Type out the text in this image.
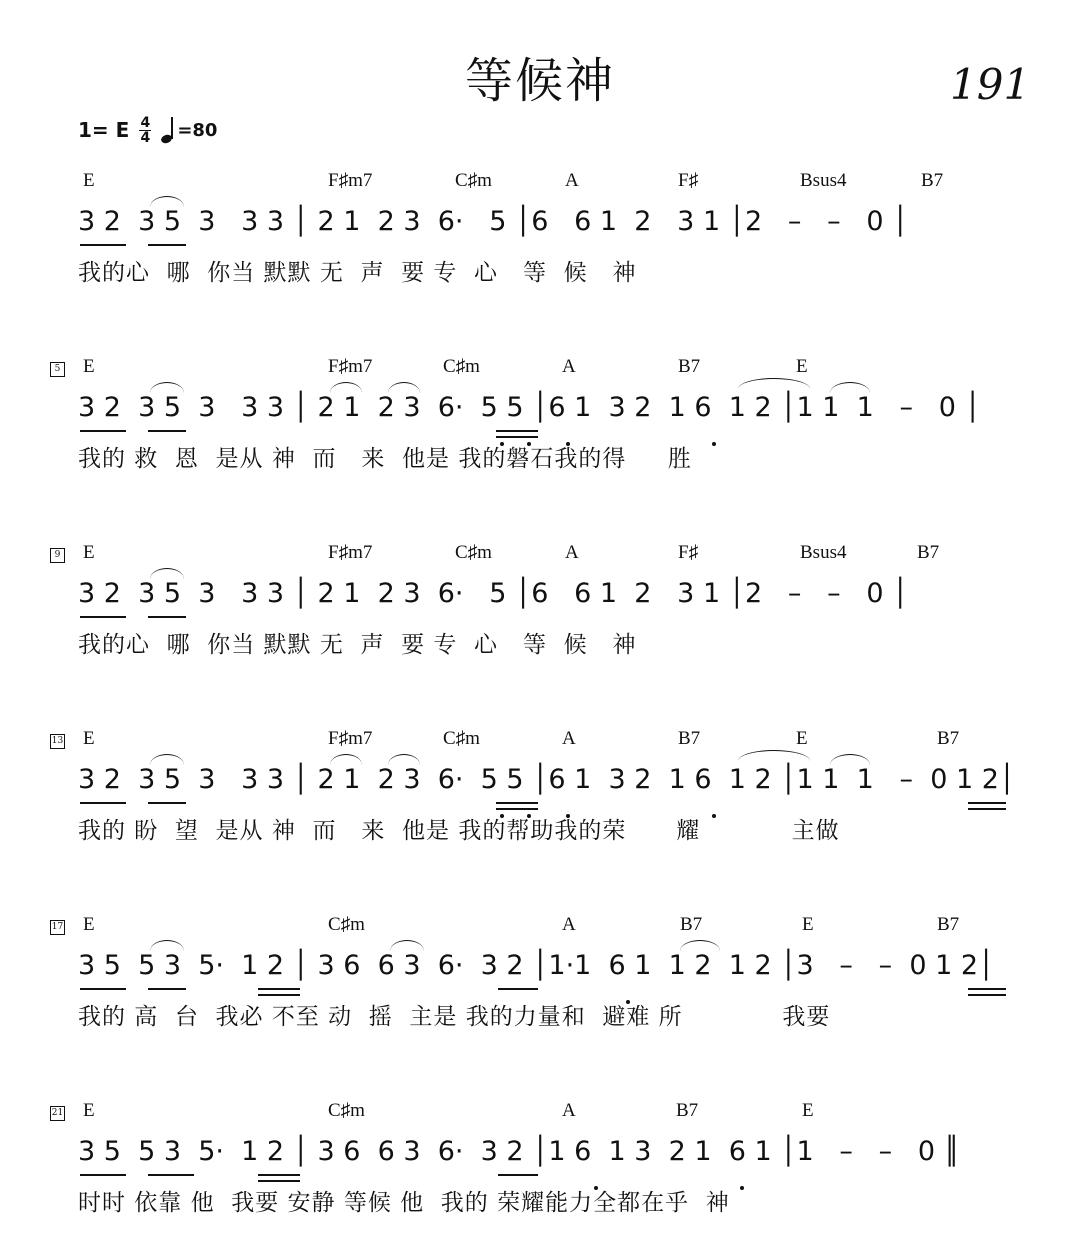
等候神	191
1= E 4
4 =80
E	F♯m7	C♯m	A	F♯	Bsus4	B7
3 2  3 5  3   3 3 │ 2 1  2 3  6·   5 │6   6 1  2   3 1 │2   –   –   0 │
我的心  哪  你当 默默 无  声  要 专  心   等  候   神
5 E	F♯m7	C♯m	A	B7	E
3 2  3 5  3   3 3 │ 2 1  2 3  6·  5 5 │6 1  3 2  1 6  1 2 │1 1  1   –   0 │
我的 救  恩  是从 神  而   来  他是 我的磐石我的得     胜
9 E	F♯m7	C♯m	A	F♯	Bsus4	B7
3 2  3 5  3   3 3 │ 2 1  2 3  6·   5 │6   6 1  2   3 1 │2   –   –   0 │
我的心  哪  你当 默默 无  声  要 专  心   等  候   神
13 E	F♯m7	C♯m	A	B7	E	B7
3 2  3 5  3   3 3 │ 2 1  2 3  6·  5 5 │6 1  3 2  1 6  1 2 │1 1  1   –  0 1 2│
我的 盼  望  是从 神  而   来  他是 我的帮助我的荣      耀           主做
17 E	C♯m	A	B7	E	B7
3 5  5 3  5·  1 2 │ 3 6  6 3  6·  3 2 │1·1  6 1  1 2  1 2 │3   –   –  0 1 2│
我的 高  台  我必 不至 动  摇  主是 我的力量和  避难 所            我要
21 E	C♯m	A	B7	E
3 5  5 3  5·  1 2 │ 3 6  6 3  6·  3 2 │1 6  1 3  2 1  6 1 │1   –   –   0 ║
时时 依靠 他  我要 安静 等候 他  我的 荣耀能力全都在乎  神
